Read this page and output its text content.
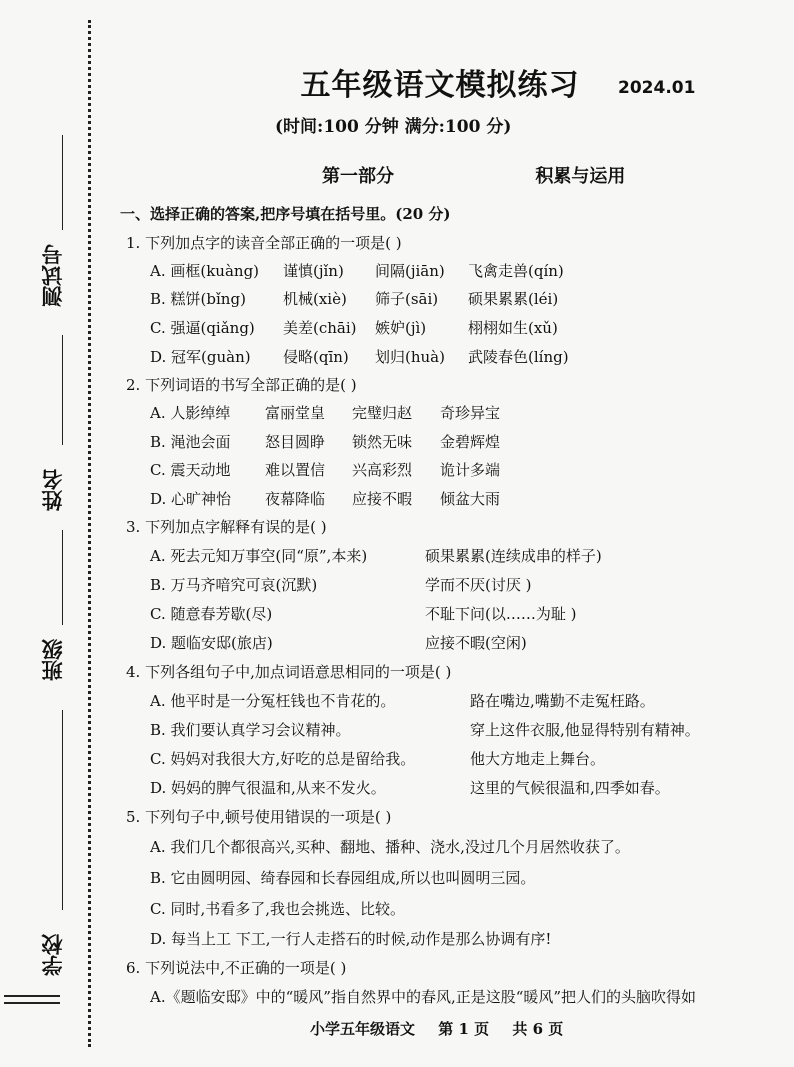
测试号
姓名
班级
学校
五年级语文模拟练习	2024.01
(时间:100 分钟 满分:100 分)
第一部分     积累与运用
一、选择正确的答案,把序号填在括号里。(20 分)
1. 下列加点字的读音全部正确的一项是( )
A. 画框(kuàng) 谨慎(jǐn) 间隔(jiān) 飞禽走兽(qín)
B. 糕饼(bǐng) 机械(xiè) 筛子(sāi) 硕果累累(léi)
C. 强逼(qiǎng) 美差(chāi) 嫉妒(jì)	栩栩如生(xǔ)
D. 冠军(guàn) 侵略(qīn) 划归(huà) 武陵春色(líng)
2. 下列词语的书写全部正确的是( )
A. 人影绰绰 富丽堂皇 完璧归赵 奇珍异宝
B. 渑池会面 怒目圆睁 锁然无味 金碧辉煌
C. 震天动地 难以置信 兴高彩烈 诡计多端
D. 心旷神怡 夜幕降临 应接不暇 倾盆大雨
3. 下列加点字解释有误的是( )
A. 死去元知万事空(同“原”,本来)	硕果累累(连续成串的样子)
B. 万马齐喑究可哀(沉默)	学而不厌(讨厌 )
C. 随意春芳歇(尽)	不耻下问(以……为耻 )
D. 题临安邸(旅店)	应接不暇(空闲)
4. 下列各组句子中,加点词语意思相同的一项是( )
A. 他平时是一分冤枉钱也不肯花的。	路在嘴边,嘴勤不走冤枉路。
B. 我们要认真学习会议精神。	穿上这件衣服,他显得特别有精神。
C. 妈妈对我很大方,好吃的总是留给我。	他大方地走上舞台。
D. 妈妈的脾气很温和,从来不发火。	这里的气候很温和,四季如春。
5. 下列句子中,顿号使用错误的一项是( )
A. 我们几个都很高兴,买种、翻地、播种、浇水,没过几个月居然收获了。
B. 它由圆明园、绮春园和长春园组成,所以也叫圆明三园。
C. 同时,书看多了,我也会挑选、比较。
D. 每当上工 下工,一行人走搭石的时候,动作是那么协调有序!
6. 下列说法中,不正确的一项是( )
A.《题临安邸》中的“暖风”指自然界中的春风,正是这股“暖风”把人们的头脑吹得如
小学五年级语文 第 1 页 共 6 页
